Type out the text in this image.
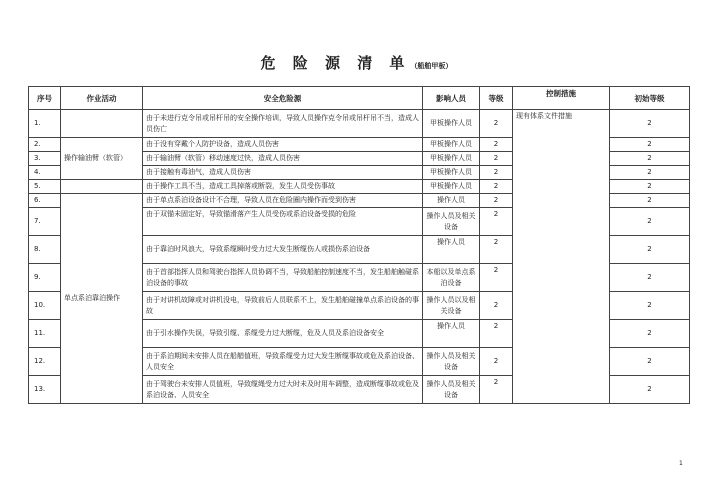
危 险 源 清 单（船舶甲板）
序号	作业活动	安全危险源	影响人员	等级	控制措施	初始等级
1.		由于未进行克令吊或吊杆吊的安全操作培训，导致人员操作克令吊或吊杆吊不当，造成人员伤亡	甲板操作人员	2	现有体系文件措施	2
2.	操作输油臂（软管）	由于没有穿戴个人防护设备，造成人员伤害	甲板操作人员	2		2
3.		由于输油臂（软管）移动速度过快，造成人员伤害	甲板操作人员	2		2
4.		由于接触有毒油气，造成人员伤害	甲板操作人员	2		2
5.		由于操作工具不当，造成工具掉落或断裂，发生人员受伤事故	甲板操作人员	2		2
6.	单点系泊靠泊操作	由于单点系泊设备设计不合理，导致人员在危险圈内操作而受到伤害	操作人员	2		2
7.		由于双锚未固定好，导致锚滑落产生人员受伤或系泊设备受损的危险	操作人员及相关设备	2		2
8.		由于靠泊时风浪大，导致系缆瞬时受力过大发生断缆伤人或损伤系泊设备	操作人员	2		2
9.		由于首部指挥人员和驾驶台指挥人员协调不当，导致船舶控制速度不当，发生船舶触碰系泊设备的事故	本船以及单点系泊设备	2		2
10.		由于对讲机故障或对讲机没电，导致前后人员联系不上，发生船舶碰撞单点系泊设备的事故	操作人员以及相关设备	2		2
11.		由于引水操作失误，导致引缆、系缆受力过大断缆，危及人员及系泊设备安全	操作人员	2		2
12.		由于系泊期间未安排人员在船艏值班，导致系缆受力过大发生断缆事故或危及系泊设备、人员安全	操作人员及相关设备	2		2
13.		由于驾驶台未安排人员值班，导致缆绳受力过大时未及时用车调整，造成断缆事故或危及系泊设备、人员安全	操作人员及相关设备	2		2
1
